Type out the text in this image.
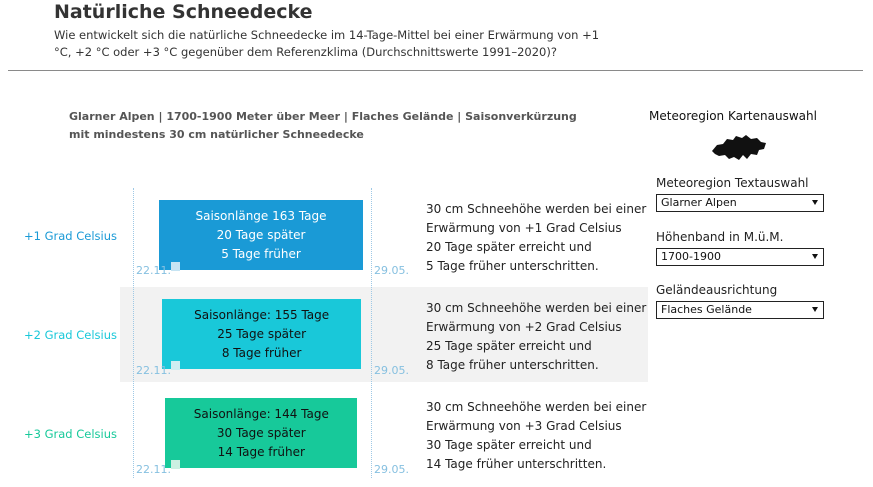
Natürliche Schneedecke
Wie entwickelt sich die natürliche Schneedecke im 14-Tage-Mittel bei einer Erwärmung von +1 °C, +2 °C oder +3 °C gegenüber dem Referenzklima (Durchschnittswerte 1991–2020)?
Glarner Alpen | 1700-1900 Meter über Meer | Flaches Gelände | Saisonverkürzung mit mindestens 30 cm natürlicher Schneedecke
+1 Grad Celsius
Saisonlänge 163 Tage
20 Tage später
5 Tage früher
22.11.	29.05.
30 cm Schneehöhe werden bei einer
Erwärmung von +1 Grad Celsius
20 Tage später erreicht und
5 Tage früher unterschritten.
+2 Grad Celsius
Saisonlänge: 155 Tage
25 Tage später
8 Tage früher
22.11.	29.05.
30 cm Schneehöhe werden bei einer
Erwärmung von +2 Grad Celsius
25 Tage später erreicht und
8 Tage früher unterschritten.
+3 Grad Celsius
Saisonlänge: 144 Tage
30 Tage später
14 Tage früher
22.11.	29.05.
30 cm Schneehöhe werden bei einer
Erwärmung von +3 Grad Celsius
30 Tage später erreicht und
14 Tage früher unterschritten.
Meteoregion Kartenauswahl
Meteoregion Textauswahl
Glarner Alpen
Höhenband in M.ü.M.
1700-1900
Geländeausrichtung
Flaches Gelände
